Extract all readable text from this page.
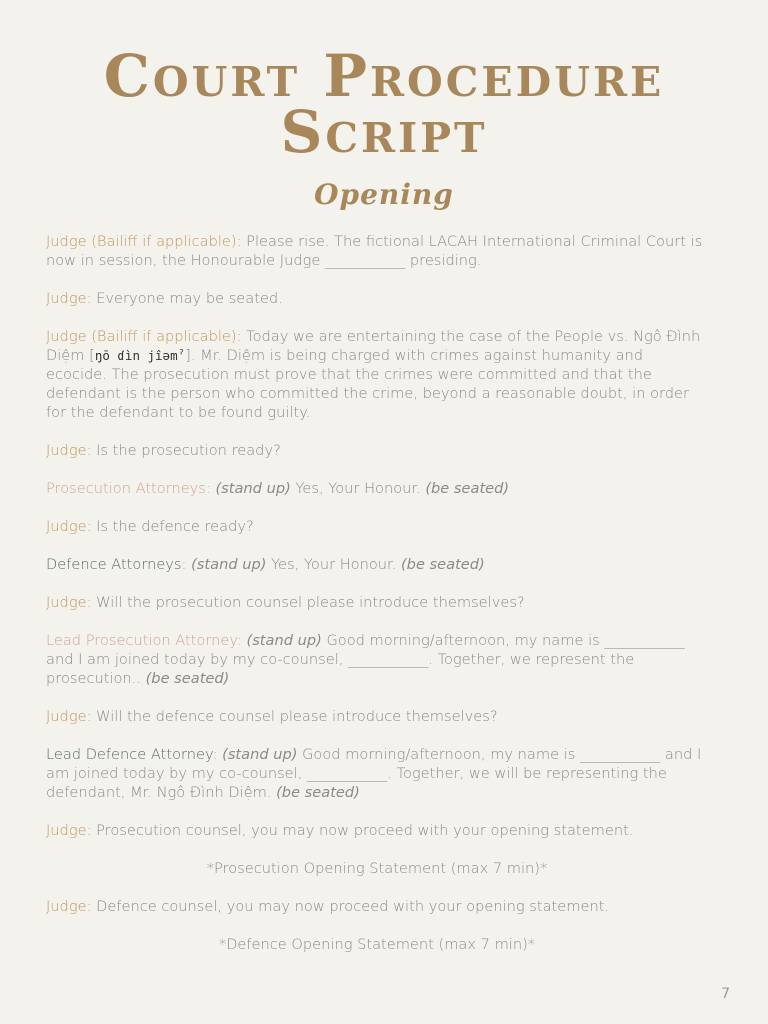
Court Procedure
Script
Opening

Judge (Bailiff if applicable): Please rise. The fictional LACAH International Criminal Court is now in session, the Honourable Judge ___________ presiding.

Judge: Everyone may be seated.

Judge (Bailiff if applicable): Today we are entertaining the case of the People vs. Ngô Đình Diệm [ŋō ɗìn jîəmˀ]. Mr. Diệm is being charged with crimes against humanity and ecocide. The prosecution must prove that the crimes were committed and that the defendant is the person who committed the crime, beyond a reasonable doubt, in order for the defendant to be found guilty.

Judge: Is the prosecution ready?

Prosecution Attorneys: (stand up) Yes, Your Honour. (be seated)

Judge: Is the defence ready?

Defence Attorneys: (stand up) Yes, Your Honour. (be seated)

Judge: Will the prosecution counsel please introduce themselves?

Lead Prosecution Attorney: (stand up) Good morning/afternoon, my name is ___________ and I am joined today by my co-counsel, ___________. Together, we represent the prosecution.. (be seated)

Judge: Will the defence counsel please introduce themselves?

Lead Defence Attorney: (stand up) Good morning/afternoon, my name is ___________ and I am joined today by my co-counsel, ___________. Together, we will be representing the defendant, Mr. Ngô Đình Diệm. (be seated)

Judge: Prosecution counsel, you may now proceed with your opening statement.

*Prosecution Opening Statement (max 7 min)*

Judge: Defence counsel, you may now proceed with your opening statement.

*Defence Opening Statement (max 7 min)*

7
